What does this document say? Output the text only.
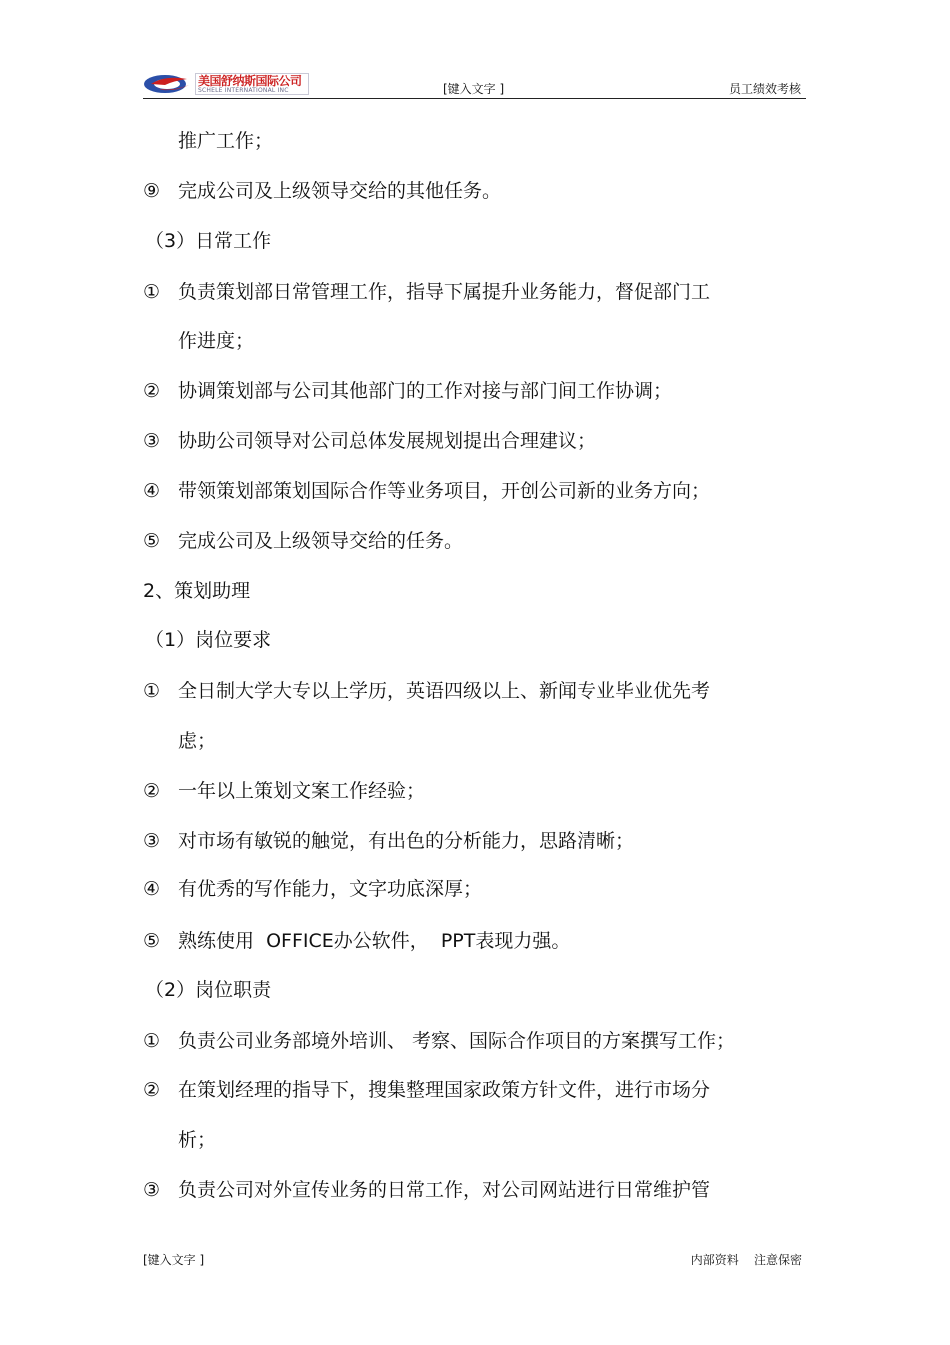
美国舒纳斯国际公司
SCHELE INTERNATIONAL INC	[键入文字 ]	员工绩效考核
推广工作；
⑨ 完成公司及上级领导交给的其他任务。
（3）日常工作
① 负责策划部日常管理工作，指导下属提升业务能力，督促部门工
作进度；
② 协调策划部与公司其他部门的工作对接与部门间工作协调；
③ 协助公司领导对公司总体发展规划提出合理建议；
④ 带领策划部策划国际合作等业务项目，开创公司新的业务方向；
⑤ 完成公司及上级领导交给的任务。
2、策划助理
（1）岗位要求
① 全日制大学大专以上学历，英语四级以上、新闻专业毕业优先考
虑；
② 一年以上策划文案工作经验；
③ 对市场有敏锐的触觉，有出色的分析能力，思路清晰；
④ 有优秀的写作能力，文字功底深厚；
⑤ 熟练使用  OFFICE办公软件，  PPT表现力强。
（2）岗位职责
① 负责公司业务部境外培训、 考察、国际合作项目的方案撰写工作；
② 在策划经理的指导下，搜集整理国家政策方针文件，进行市场分
析；
③ 负责公司对外宣传业务的日常工作，对公司网站进行日常维护管
[键入文字 ]	内部资料    注意保密
